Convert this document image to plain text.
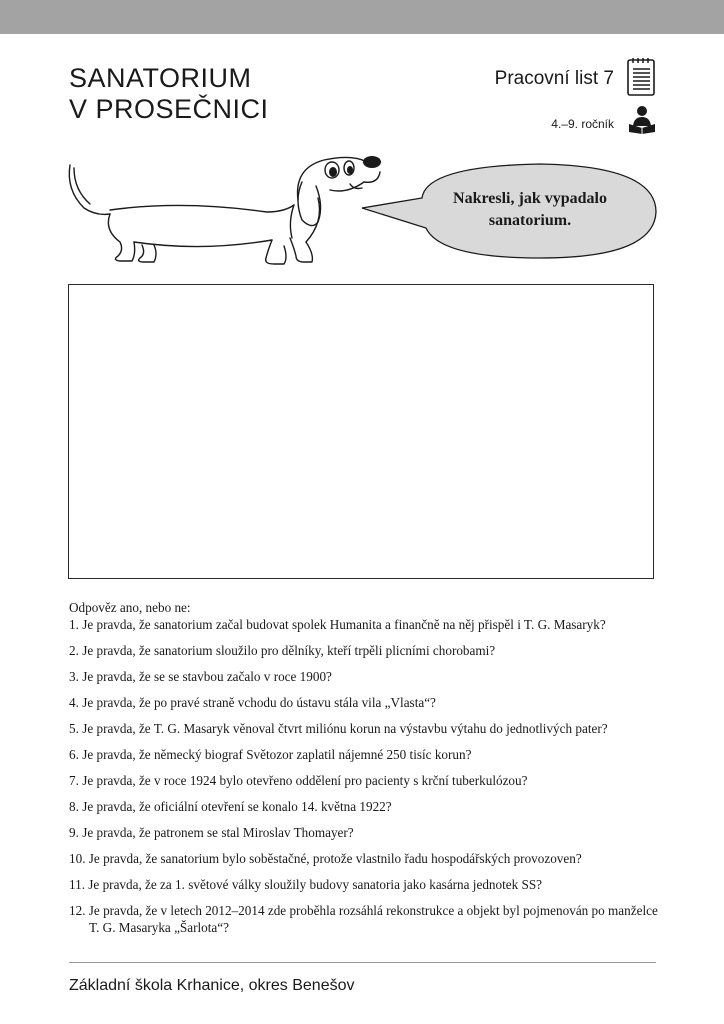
SANATORIUM
V PROSEČNICI
Pracovní list 7
4.–9. ročník
Nakresli, jak vypadalo sanatorium.

Odpověz ano, nebo ne:

1. Je pravda, že sanatorium začal budovat spolek Humanita a finančně na něj přispěl i T. G. Masaryk?
2. Je pravda, že sanatorium sloužilo pro dělníky, kteří trpěli plicními chorobami?
3. Je pravda, že se se stavbou začalo v roce 1900?
4. Je pravda, že po pravé straně vchodu do ústavu stála vila „Vlasta“?
5. Je pravda, že T. G. Masaryk věnoval čtvrt miliónu korun na výstavbu výtahu do jednotlivých pater?
6. Je pravda, že německý biograf Světozor zaplatil nájemné 250 tisíc korun?
7. Je pravda, že v roce 1924 bylo otevřeno oddělení pro pacienty s krční tuberkulózou?
8. Je pravda, že oficiální otevření se konalo 14. května 1922?
9. Je pravda, že patronem se stal Miroslav Thomayer?
10. Je pravda, že sanatorium bylo soběstačné, protože vlastnilo řadu hospodářských provozoven?
11. Je pravda, že za 1. světové války sloužily budovy sanatoria jako kasárna jednotek SS?
12. Je pravda, že v letech 2012–2014 zde proběhla rozsáhlá rekonstrukce a objekt byl pojmenován po manželce T. G. Masaryka „Šarlota“?
Základní škola Krhanice, okres Benešov
